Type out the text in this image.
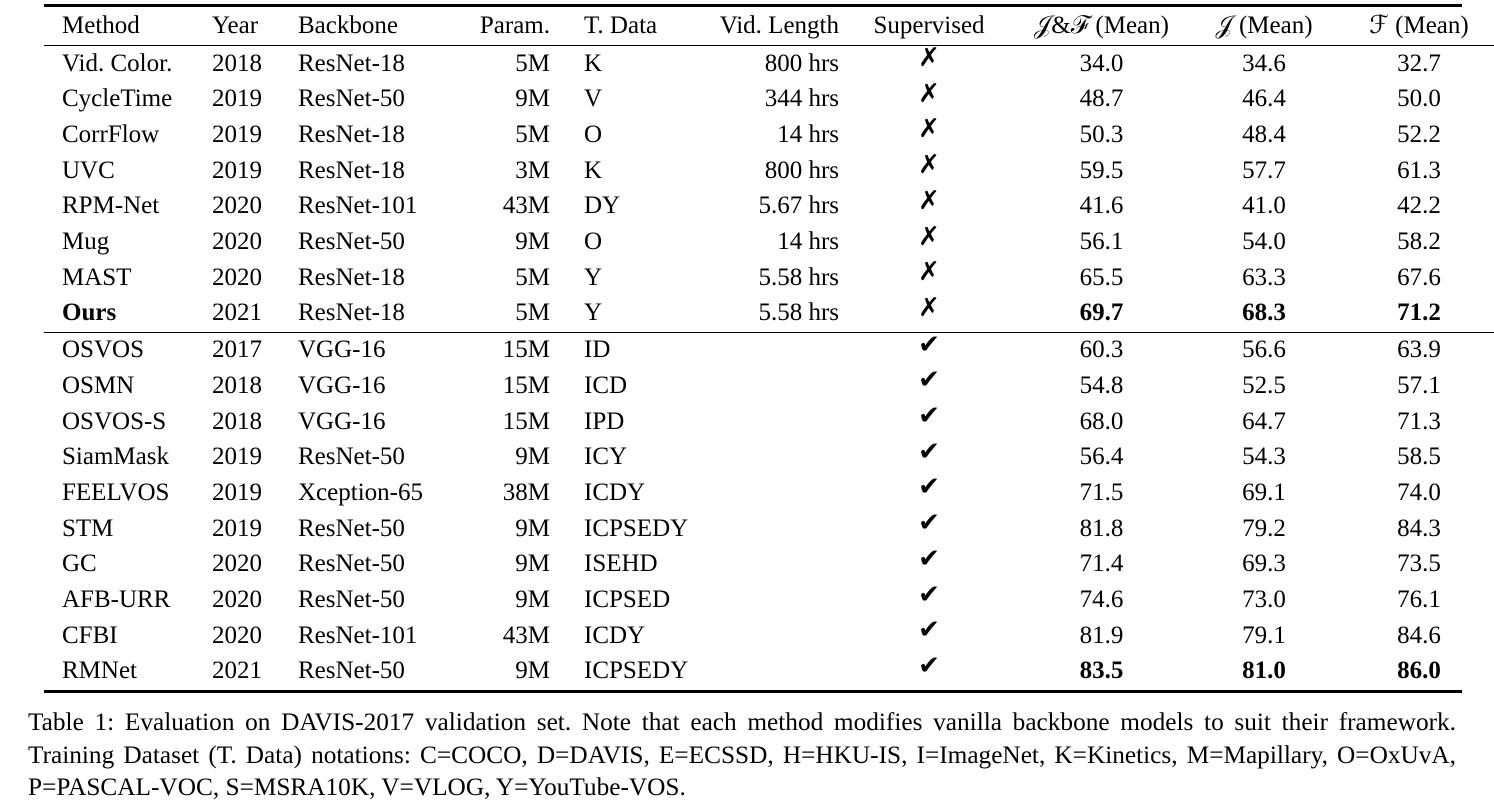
Method	Year	Backbone	Param.	T. Data	Vid. Length	Supervised	𝒥&ℱ (Mean)	𝒥 (Mean)	ℱ (Mean)

Vid. Color.	2018	ResNet-18	5M	K	800 hrs	✗	34.0	34.6	32.7
CycleTime	2019	ResNet-50	9M	V	344 hrs	✗	48.7	46.4	50.0
CorrFlow	2019	ResNet-18	5M	O	14 hrs	✗	50.3	48.4	52.2
UVC	2019	ResNet-18	3M	K	800 hrs	✗	59.5	57.7	61.3
RPM-Net	2020	ResNet-101	43M	DY	5.67 hrs	✗	41.6	41.0	42.2
Mug	2020	ResNet-50	9M	O	14 hrs	✗	56.1	54.0	58.2
MAST	2020	ResNet-18	5M	Y	5.58 hrs	✗	65.5	63.3	67.6
Ours	2021	ResNet-18	5M	Y	5.58 hrs	✗	69.7	68.3	71.2

OSVOS	2017	VGG-16	15M	ID		✔	60.3	56.6	63.9
OSMN	2018	VGG-16	15M	ICD		✔	54.8	52.5	57.1
OSVOS-S	2018	VGG-16	15M	IPD		✔	68.0	64.7	71.3
SiamMask	2019	ResNet-50	9M	ICY		✔	56.4	54.3	58.5
FEELVOS	2019	Xception-65	38M	ICDY		✔	71.5	69.1	74.0
STM	2019	ResNet-50	9M	ICPSEDY		✔	81.8	79.2	84.3
GC	2020	ResNet-50	9M	ISEHD		✔	71.4	69.3	73.5
AFB-URR	2020	ResNet-50	9M	ICPSED		✔	74.6	73.0	76.1
CFBI	2020	ResNet-101	43M	ICDY		✔	81.9	79.1	84.6
RMNet	2021	ResNet-50	9M	ICPSEDY		✔	83.5	81.0	86.0
Table 1: Evaluation on DAVIS-2017 validation set. Note that each method modifies vanilla backbone models to suit their framework. Training Dataset (T. Data) notations: C=COCO, D=DAVIS, E=ECSSD, H=HKU-IS, I=ImageNet, K=Kinetics, M=Mapillary, O=OxUvA, P=PASCAL-VOC, S=MSRA10K, V=VLOG, Y=YouTube-VOS.
